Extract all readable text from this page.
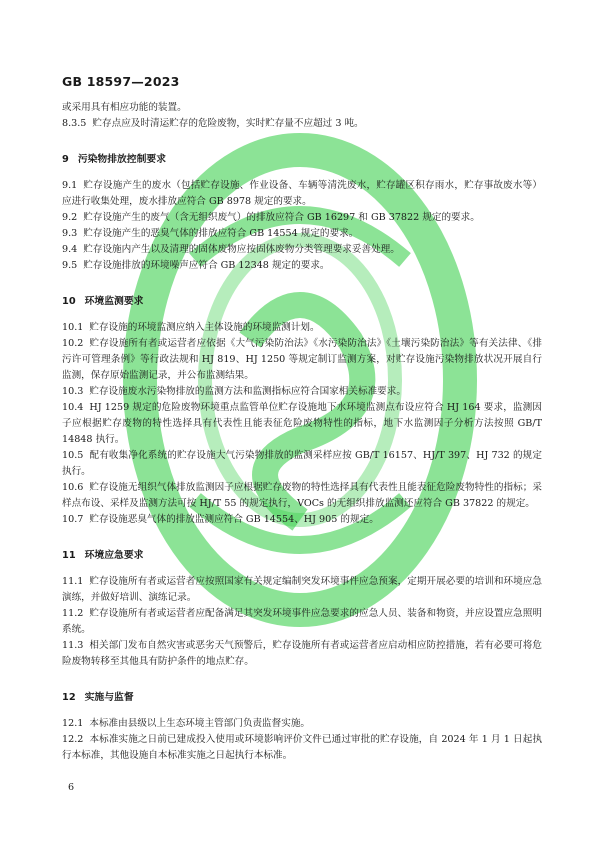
GB 18597—2023

或采用具有相应功能的装置。

8.3.5 贮存点应及时清运贮存的危险废物，实时贮存量不应超过 3 吨。

9 污染物排放控制要求

9.1 贮存设施产生的废水（包括贮存设施、作业设备、车辆等清洗废水，贮存罐区积存雨水，贮存事故废水等）应进行收集处理，废水排放应符合 GB 8978 规定的要求。

9.2 贮存设施产生的废气（含无组织废气）的排放应符合 GB 16297 和 GB 37822 规定的要求。

9.3 贮存设施产生的恶臭气体的排放应符合 GB 14554 规定的要求。

9.4 贮存设施内产生以及清理的固体废物应按固体废物分类管理要求妥善处理。

9.5 贮存设施排放的环境噪声应符合 GB 12348 规定的要求。

10 环境监测要求

10.1 贮存设施的环境监测应纳入主体设施的环境监测计划。

10.2 贮存设施所有者或运营者应依据《大气污染防治法》《水污染防治法》《土壤污染防治法》等有关法律、《排污许可管理条例》等行政法规和 HJ 819、HJ 1250 等规定制订监测方案，对贮存设施污染物排放状况开展自行监测，保存原始监测记录，并公布监测结果。

10.3 贮存设施废水污染物排放的监测方法和监测指标应符合国家相关标准要求。

10.4 HJ 1259 规定的危险废物环境重点监管单位贮存设施地下水环境监测点布设应符合 HJ 164 要求，监测因子应根据贮存废物的特性选择具有代表性且能表征危险废物特性的指标，地下水监测因子分析方法按照 GB/T 14848 执行。

10.5 配有收集净化系统的贮存设施大气污染物排放的监测采样应按 GB/T 16157、HJ/T 397、HJ 732 的规定执行。

10.6 贮存设施无组织气体排放监测因子应根据贮存废物的特性选择具有代表性且能表征危险废物特性的指标；采样点布设、采样及监测方法可按 HJ/T 55 的规定执行，VOCs 的无组织排放监测还应符合 GB 37822 的规定。

10.7 贮存设施恶臭气体的排放监测应符合 GB 14554、HJ 905 的规定。

11 环境应急要求

11.1 贮存设施所有者或运营者应按照国家有关规定编制突发环境事件应急预案，定期开展必要的培训和环境应急演练，并做好培训、演练记录。

11.2 贮存设施所有者或运营者应配备满足其突发环境事件应急要求的应急人员、装备和物资，并应设置应急照明系统。

11.3 相关部门发布自然灾害或恶劣天气预警后，贮存设施所有者或运营者应启动相应防控措施，若有必要可将危险废物转移至其他具有防护条件的地点贮存。

12 实施与监督

12.1 本标准由县级以上生态环境主管部门负责监督实施。

12.2 本标准实施之日前已建成投入使用或环境影响评价文件已通过审批的贮存设施，自 2024 年 1 月 1 日起执行本标准，其他设施自本标准实施之日起执行本标准。

6
